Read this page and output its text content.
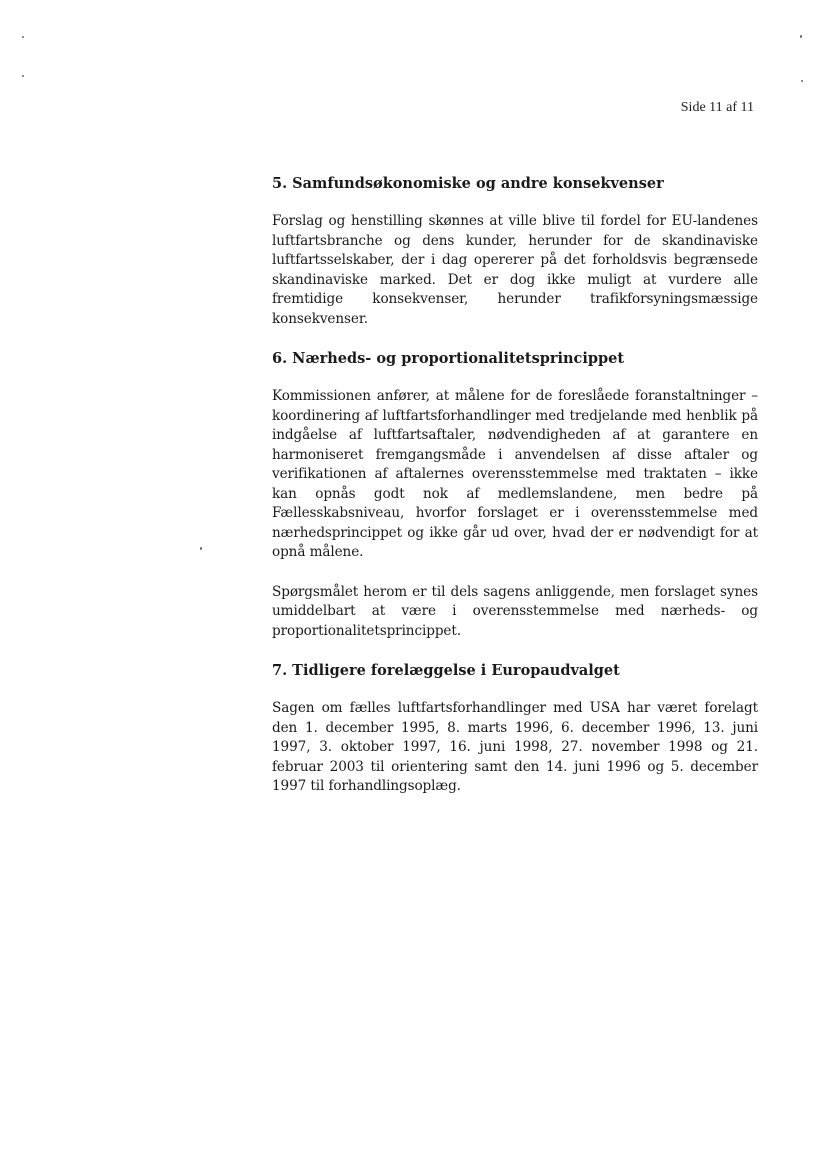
Side 11 af 11
5. Samfundsøkonomiske og andre konsekvenser

Forslag og henstilling skønnes at ville blive til fordel for EU-landenes luftfartsbranche og dens kunder, herunder for de skandinaviske luftfartsselskaber, der i dag opererer på det forholdsvis begrænsede skandinaviske marked. Det er dog ikke muligt at vurdere alle fremtidige konsekvenser, herunder trafikforsyningsmæssige konsekvenser.

6. Nærheds- og proportionalitetsprincippet

Kommissionen anfører, at målene for de foreslåede foranstaltninger – koordinering af luftfartsforhandlinger med tredjelande med henblik på indgåelse af luftfartsaftaler, nødvendigheden af at garantere en harmoniseret fremgangsmåde i anvendelsen af disse aftaler og verifikationen af aftalernes overensstemmelse med traktaten – ikke kan opnås godt nok af medlemslandene, men bedre på Fællesskabsniveau, hvorfor forslaget er i overensstemmelse med nærhedsprincippet og ikke går ud over, hvad der er nødvendigt for at opnå målene.

Spørgsmålet herom er til dels sagens anliggende, men forslaget synes umiddelbart at være i overensstemmelse med nærheds- og proportionalitetsprincippet.

7. Tidligere forelæggelse i Europaudvalget

Sagen om fælles luftfartsforhandlinger med USA har været forelagt den 1. december 1995, 8. marts 1996, 6. december 1996, 13. juni 1997, 3. oktober 1997, 16. juni 1998, 27. november 1998 og 21. februar 2003 til orientering samt den 14. juni 1996 og 5. december 1997 til forhandlingsoplæg.
